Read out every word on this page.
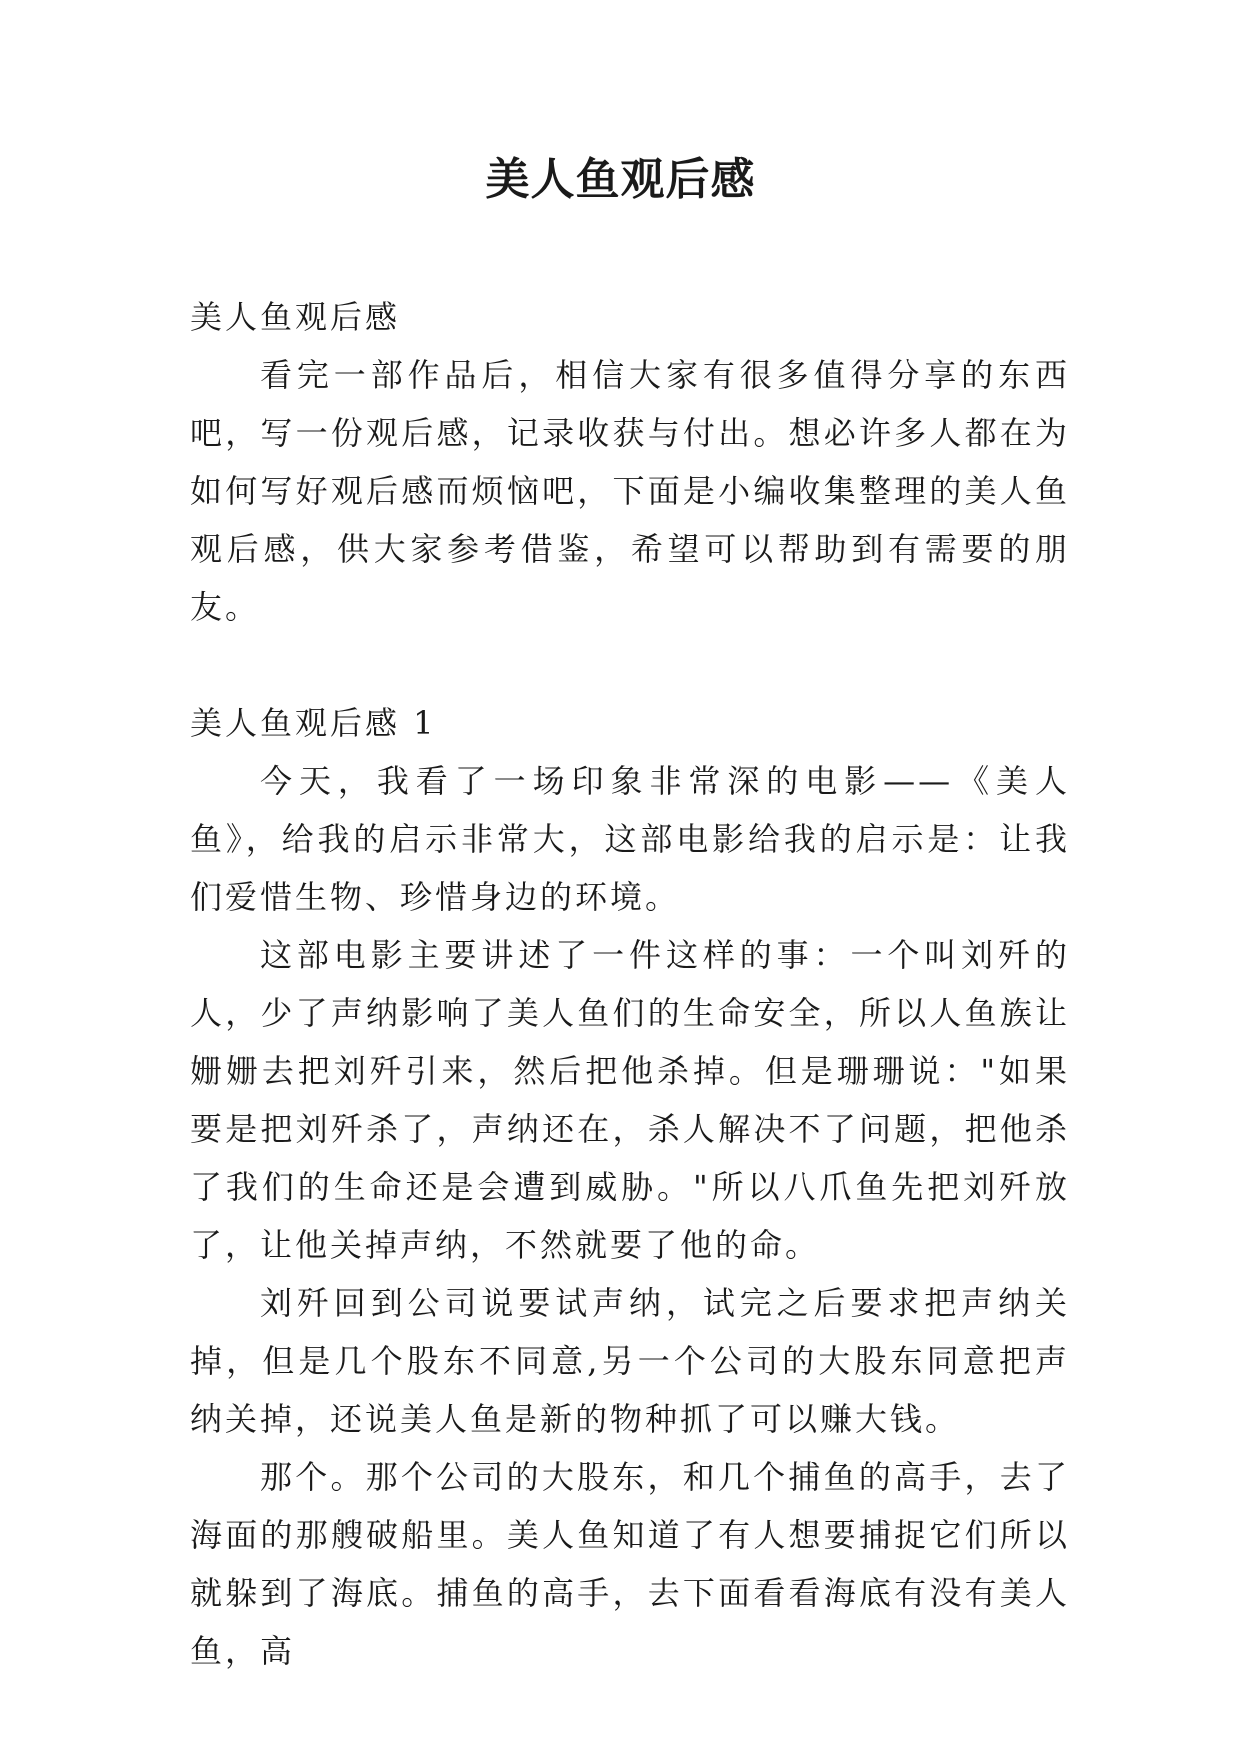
美人鱼观后感

美人鱼观后感

看完一部作品后，相信大家有很多值得分享的东西吧，写一份观后感，记录收获与付出。想必许多人都在为如何写好观后感而烦恼吧，下面是小编收集整理的美人鱼观后感，供大家参考借鉴，希望可以帮助到有需要的朋友。

美人鱼观后感 1

今天，我看了一场印象非常深的电影——《美人鱼》，给我的启示非常大，这部电影给我的启示是：让我们爱惜生物、珍惜身边的环境。

这部电影主要讲述了一件这样的事：一个叫刘歼的人，少了声纳影响了美人鱼们的生命安全，所以人鱼族让姗姗去把刘歼引来，然后把他杀掉。但是珊珊说："如果要是把刘歼杀了，声纳还在，杀人解决不了问题，把他杀了我们的生命还是会遭到威胁。"所以八爪鱼先把刘歼放了，让他关掉声纳，不然就要了他的命。

刘歼回到公司说要试声纳，试完之后要求把声纳关掉，但是几个股东不同意,另一个公司的大股东同意把声纳关掉，还说美人鱼是新的物种抓了可以赚大钱。

那个。那个公司的大股东，和几个捕鱼的高手，去了海面的那艘破船里。美人鱼知道了有人想要捕捉它们所以就躲到了海底。捕鱼的高手，去下面看看海底有没有美人鱼，高
